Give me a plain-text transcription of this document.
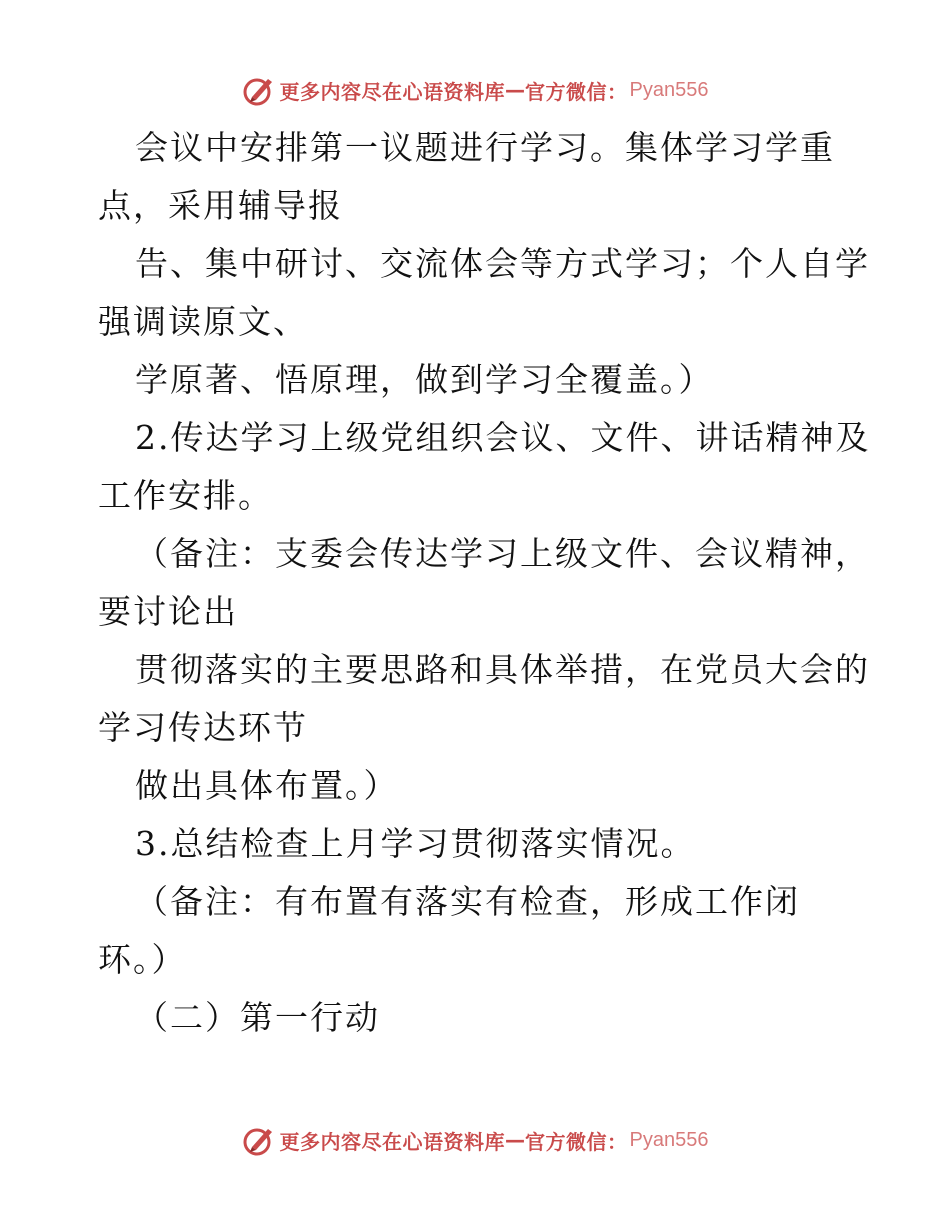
更多内容尽在心语资料库 — 官方微信： Pyan556
会议中安排第一议题进行学习。集体学习学重
点，采用辅导报
告、集中研讨、交流体会等方式学习；个人自学
强调读原文、
学原著、悟原理，做到学习全覆盖。）
2.传达学习上级党组织会议、文件、讲话精神及
工作安排。
（备注：支委会传达学习上级文件、会议精神，
要讨论出
贯彻落实的主要思路和具体举措，在党员大会的
学习传达环节
做出具体布置。）
3.总结检查上月学习贯彻落实情况。
（备注：有布置有落实有检查，形成工作闭
环。）
（二）第一行动
更多内容尽在心语资料库 — 官方微信： Pyan556
